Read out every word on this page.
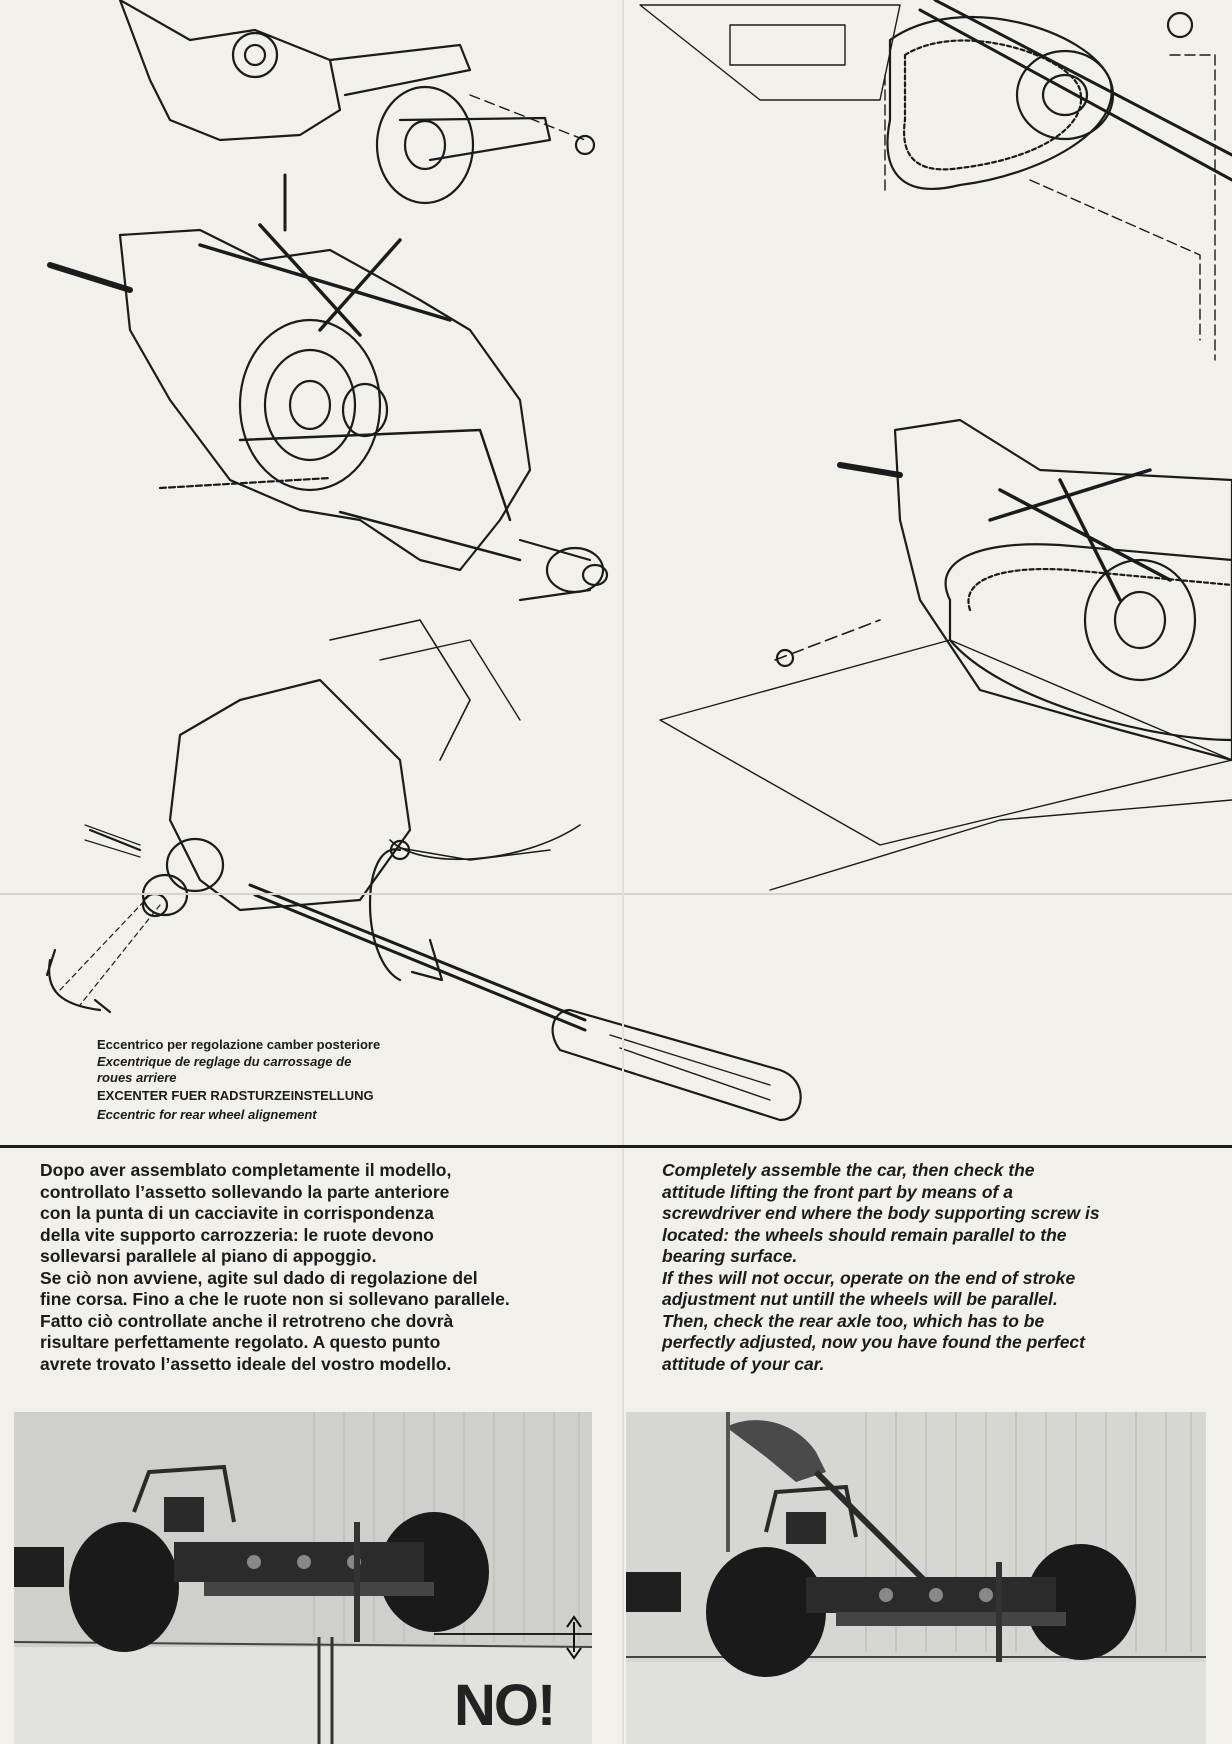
Eccentrico per regolazione camber posteriore
Excentrique de reglage du carrossage de
roues arriere
EXCENTER FUER RADSTURZEINSTELLUNG
Eccentric for rear wheel alignement

Dopo aver assemblato completamente il modello,

controllato l’assetto sollevando la parte anteriore

con la punta di un cacciavite in corrispondenza

della vite supporto carrozzeria: le ruote devono

sollevarsi parallele al piano di appoggio.

Se ciò non avviene, agite sul dado di regolazione del

fine corsa. Fino a che le ruote non si sollevano parallele.

Fatto ciò controllate anche il retrotreno che dovrà

risultare perfettamente regolato. A questo punto

avrete trovato l’assetto ideale del vostro modello.

Completely assemble the car, then check the

attitude lifting the front part by means of a

screwdriver end where the body supporting screw is

located: the wheels should remain parallel to the

bearing surface.

If thes will not occur, operate on the end of stroke

adjustment nut untill the wheels will be parallel.

Then, check the rear axle too, which has to be

perfectly adjusted, now you have found the perfect

attitude of your car.

NO!
